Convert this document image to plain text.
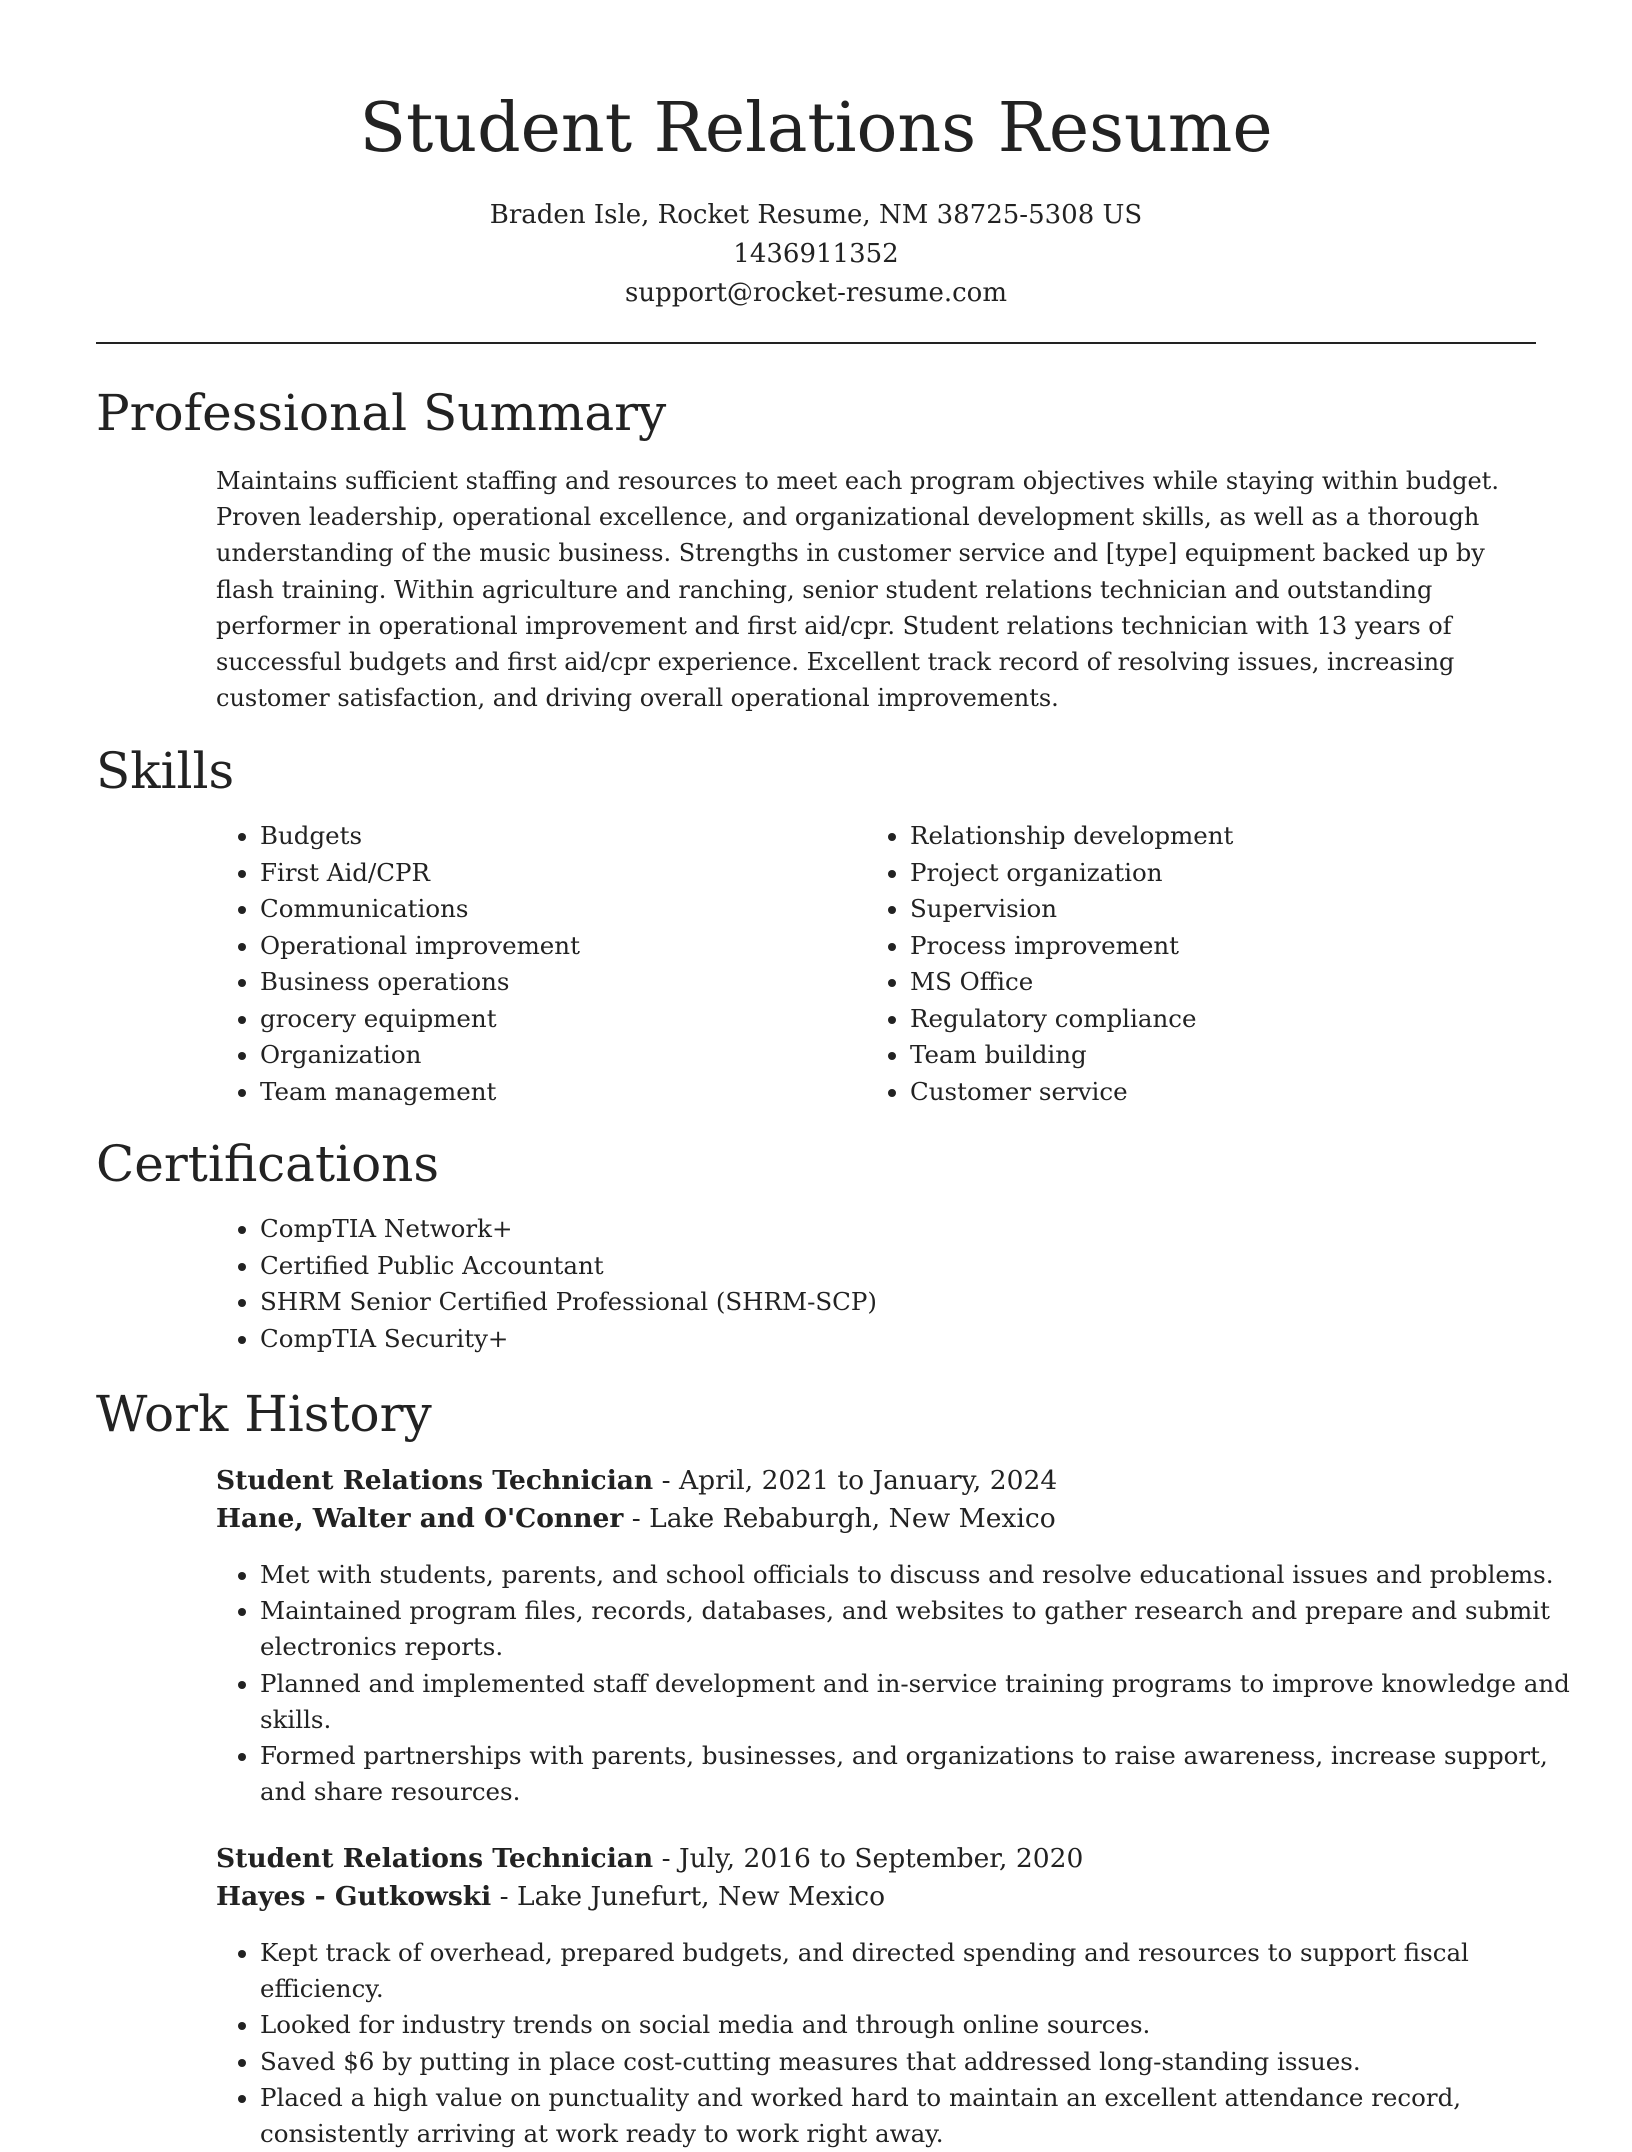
Student Relations Resume
Braden Isle, Rocket Resume, NM 38725-5308 US
1436911352
support@rocket-resume.com
Professional Summary

Maintains sufficient staffing and resources to meet each program objectives while staying within budget. Proven leadership, operational excellence, and organizational development skills, as well as a thorough understanding of the music business. Strengths in customer service and [type] equipment backed up by flash training. Within agriculture and ranching, senior student relations technician and outstanding performer in operational improvement and first aid/cpr. Student relations technician with 13 years of successful budgets and first aid/cpr experience. Excellent track record of resolving issues, increasing customer satisfaction, and driving overall operational improvements.

Skills
• Budgets
• First Aid/CPR
• Communications
• Operational improvement
• Business operations
• grocery equipment
• Organization
• Team management
• Relationship development
• Project organization
• Supervision
• Process improvement
• MS Office
• Regulatory compliance
• Team building
• Customer service
Certifications
• CompTIA Network+
• Certified Public Accountant
• SHRM Senior Certified Professional (SHRM-SCP)
• CompTIA Security+
Work History
Student Relations Technician - April, 2021 to January, 2024
Hane, Walter and O'Conner - Lake Rebaburgh, New Mexico
• Met with students, parents, and school officials to discuss and resolve educational issues and problems.
• Maintained program files, records, databases, and websites to gather research and prepare and submit electronics reports.
• Planned and implemented staff development and in-service training programs to improve knowledge and skills.
• Formed partnerships with parents, businesses, and organizations to raise awareness, increase support, and share resources.
Student Relations Technician - July, 2016 to September, 2020
Hayes - Gutkowski - Lake Junefurt, New Mexico
• Kept track of overhead, prepared budgets, and directed spending and resources to support fiscal efficiency.
• Looked for industry trends on social media and through online sources.
• Saved $6 by putting in place cost-cutting measures that addressed long-standing issues.
• Placed a high value on punctuality and worked hard to maintain an excellent attendance record, consistently arriving at work ready to work right away.
